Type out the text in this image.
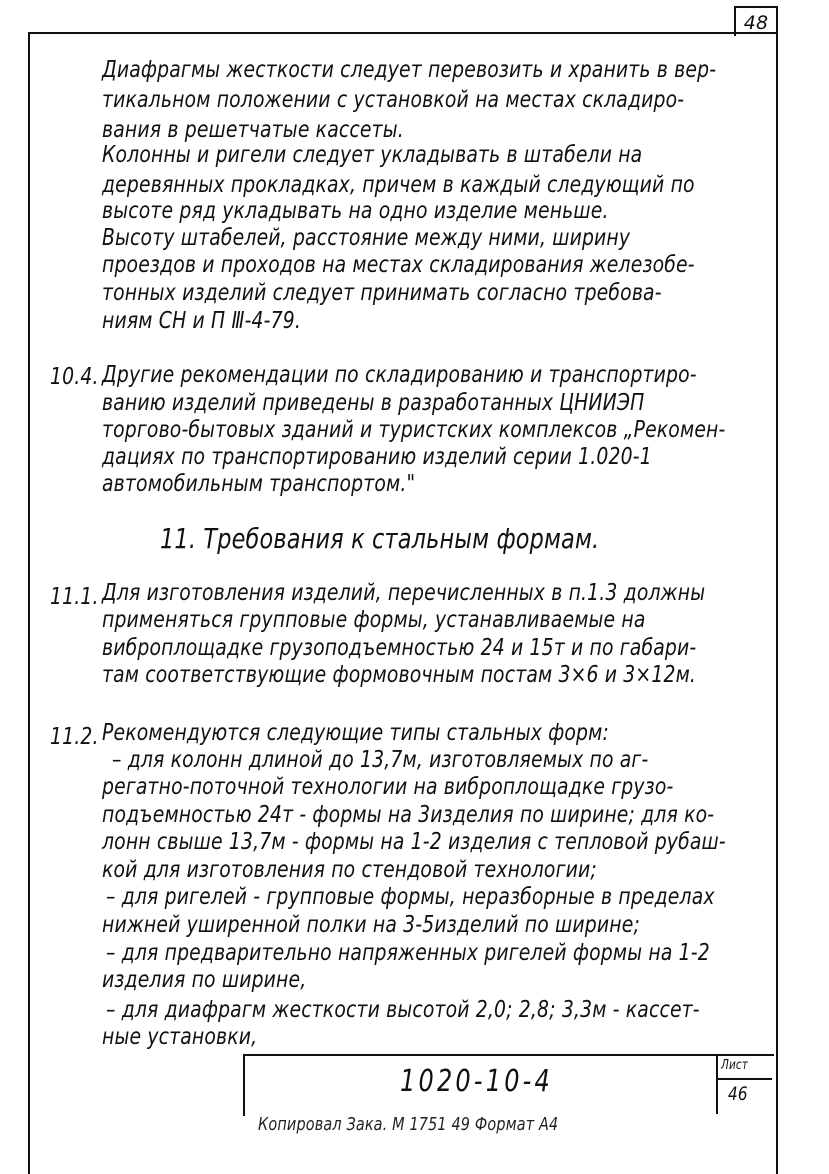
48
Диафрагмы жесткости следует перевозить и хранить в вер-
тикальном положении с установкой на местах складиро-
вания в решетчатые кассеты.
Колонны и ригели следует укладывать в штабели на
деревянных прокладках, причем в каждый следующий по
высоте ряд укладывать на одно изделие меньше.
Высоту штабелей, расстояние между ними, ширину
проездов и проходов на местах складирования железобе-
тонных изделий следует принимать согласно требова-
ниям СН и П Ⅲ-4-79.
10.4. Другие рекомендации по складированию и транспортиро-
ванию изделий приведены в разработанных ЦНИИЭП
торгово-бытовых зданий и туристских комплексов „Рекомен-
дациях по транспортированию изделий серии 1.020-1
автомобильным транспортом."
11. Требования к стальным формам.
11.1. Для изготовления изделий, перечисленных в п.1.3 должны
применяться групповые формы, устанавливаемые на
виброплощадке грузоподъемностью 24 и 15т и по габари-
там соответствующие формовочным постам 3×6 и 3×12м.
11.2. Рекомендуются следующие типы стальных форм:
– для колонн длиной до 13,7м, изготовляемых по аг-
регатно-поточной технологии на виброплощадке грузо-
подъемностью 24т - формы на 3изделия по ширине; для ко-
лонн свыше 13,7м - формы на 1-2 изделия с тепловой рубаш-
кой для изготовления по стендовой технологии;
– для ригелей - групповые формы, неразборные в пределах
нижней уширенной полки на 3-5изделий по ширине;
– для предварительно напряженных ригелей формы на 1-2
изделия по ширине,
– для диафрагм жесткости высотой 2,0; 2,8; 3,3м - кассет-
ные установки,
1020-10-4	Лист
46
Копировал Зака. М 1751 49 Формат А4
